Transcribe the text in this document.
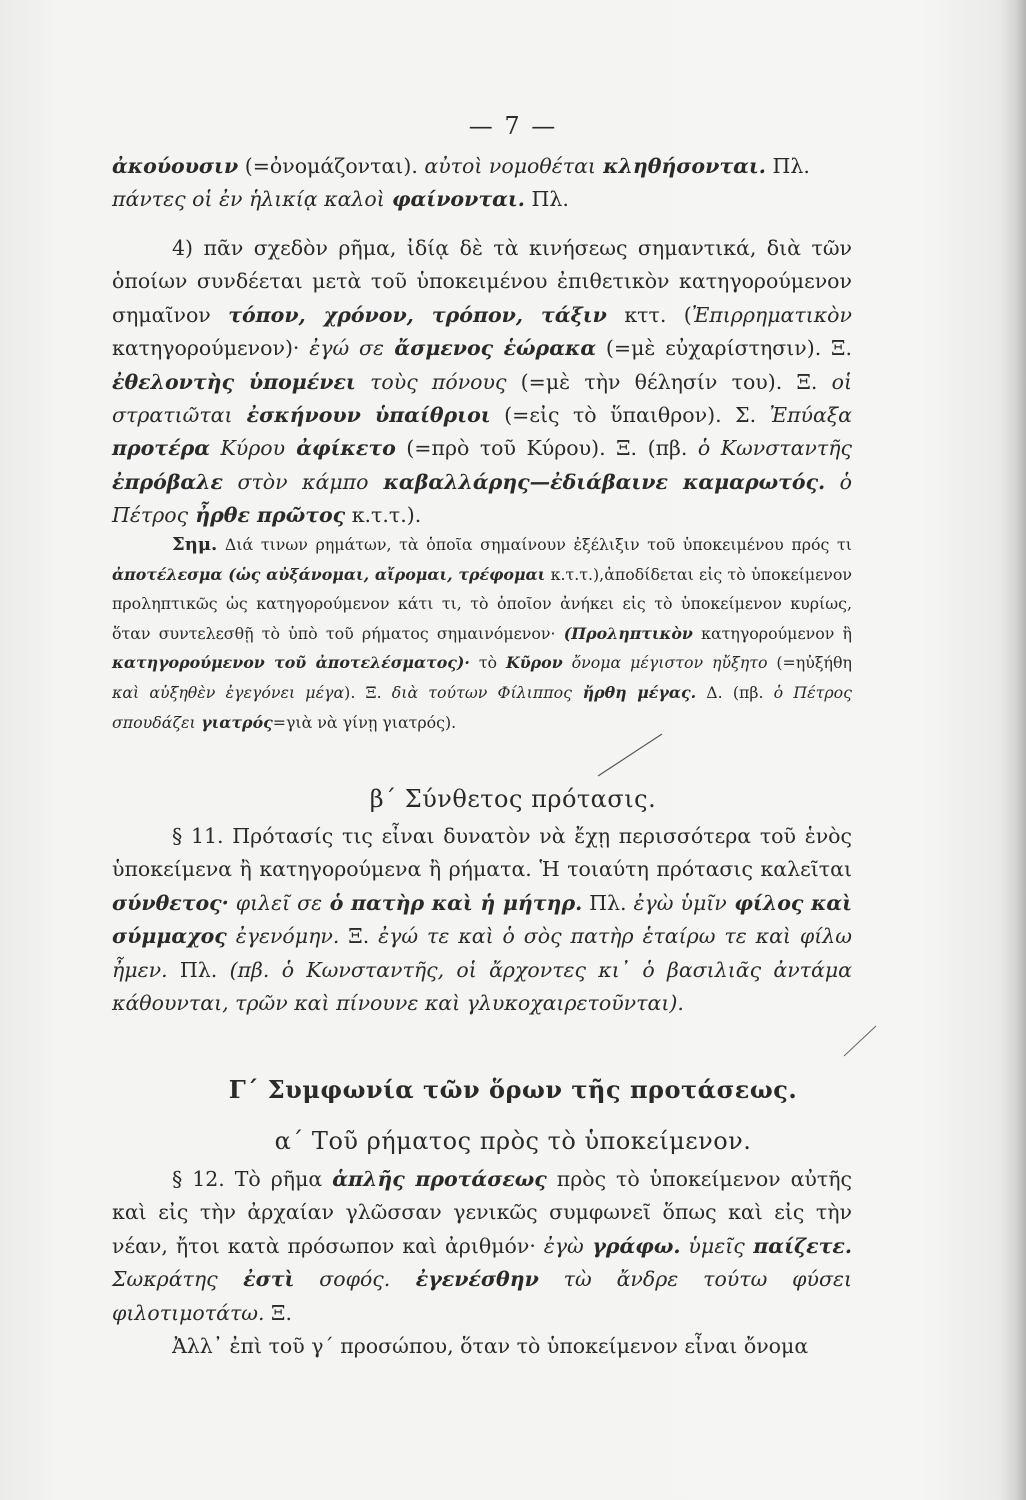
— 7 —

ἀκούουσιν (=ὀνομάζονται). αὐτοὶ νομοθέται κληθήσονται. Πλ.
πάντες οἱ ἐν ἡλικίᾳ καλοὶ φαίνονται. Πλ.

4) πᾶν σχεδὸν ρῆμα, ἰδίᾳ δὲ τὰ κινήσεως σημαντικά, διὰ τῶν ὁποίων συνδέεται μετὰ τοῦ ὑποκειμένου ἐπιθετικὸν κατηγορούμενον σημαῖνον τόπον, χρόνον, τρόπον, τάξιν κττ. (Ἐπιρρηματικὸν κατηγορούμενον)· ἐγώ σε ἄσμενος ἑώρακα (=μὲ εὐχαρίστησιν). Ξ. ἐθελοντὴς ὑπομένει τοὺς πόνους (=μὲ τὴν θέλησίν του). Ξ. οἱ στρατιῶται ἐσκήνουν ὑπαίθριοι (=εἰς τὸ ὕπαιθρον). Σ. Ἐπύαξα προτέρα Κύρου ἀφίκετο (=πρὸ τοῦ Κύρου). Ξ. (πβ. ὁ Κωνσταντῆς ἐπρόβαλε στὸν κάμπο καβαλλάρης—ἐδιάβαινε καμαρωτός. ὁ Πέτρος ἦρθε πρῶτος κ.τ.τ.).

Σημ. Διά τινων ρημάτων, τὰ ὁποῖα σημαίνουν ἐξέλιξιν τοῦ ὑποκειμένου πρός τι ἀποτέλεσμα (ὡς αὐξάνομαι, αἴρομαι, τρέφομαι κ.τ.τ.),ἀποδίδεται εἰς τὸ ὑποκείμενον προληπτικῶς ὡς κατηγορούμενον κάτι τι, τὸ ὁποῖον ἀνήκει εἰς τὸ ὑποκείμενον κυρίως, ὅταν συντελεσθῇ τὸ ὑπὸ τοῦ ρήματος σημαινόμενον· (Προληπτικὸν κατηγορούμενον ἢ κατηγορούμενον τοῦ ἀποτελέσματος)· τὸ Κῦρον ὄνομα μέγιστον ηὔξητο (=ηὐξήθη καὶ αὐξηθὲν ἐγεγόνει μέγα). Ξ. διὰ τούτων Φίλιππος ἤρθη μέγας. Δ. (πβ. ὁ Πέτρος σπουδάζει γιατρός=γιὰ νὰ γίνῃ γιατρός).

β΄ Σύνθετος πρότασις.

§ 11. Πρότασίς τις εἶναι δυνατὸν νὰ ἔχῃ περισσότερα τοῦ ἑνὸς ὑποκείμενα ἢ κατηγορούμενα ἢ ρήματα. Ἡ τοιαύτη πρότασις καλεῖται σύνθετος· φιλεῖ σε ὁ πατὴρ καὶ ἡ μήτηρ. Πλ. ἐγὼ ὑμῖν φίλος καὶ σύμμαχος ἐγενόμην. Ξ. ἐγώ τε καὶ ὁ σὸς πατὴρ ἑταίρω τε καὶ φίλω ἦμεν. Πλ. (πβ. ὁ Κωνσταντῆς, οἱ ἄρχοντες κι᾿ ὁ βασιλιᾶς ἀντάμα κάθουνται, τρῶν καὶ πίνουνε καὶ γλυκοχαιρετοῦνται).

Γ΄ Συμφωνία τῶν ὅρων τῆς προτάσεως.
α΄ Τοῦ ρήματος πρὸς τὸ ὑποκείμενον.

§ 12. Τὸ ρῆμα ἁπλῆς προτάσεως πρὸς τὸ ὑποκείμενον αὐτῆς καὶ εἰς τὴν ἀρχαίαν γλῶσσαν γενικῶς συμφωνεῖ ὅπως καὶ εἰς τὴν νέαν, ἤτοι κατὰ πρόσωπον καὶ ἀριθμόν· ἐγὼ γράφω. ὑμεῖς παίζετε. Σωκράτης ἐστὶ σοφός. ἐγενέσθην τὼ ἄνδρε τούτω φύσει φιλοτιμοτάτω. Ξ.

Ἀλλ᾿ ἐπὶ τοῦ γ΄ προσώπου, ὅταν τὸ ὑποκείμενον εἶναι ὄνομα
